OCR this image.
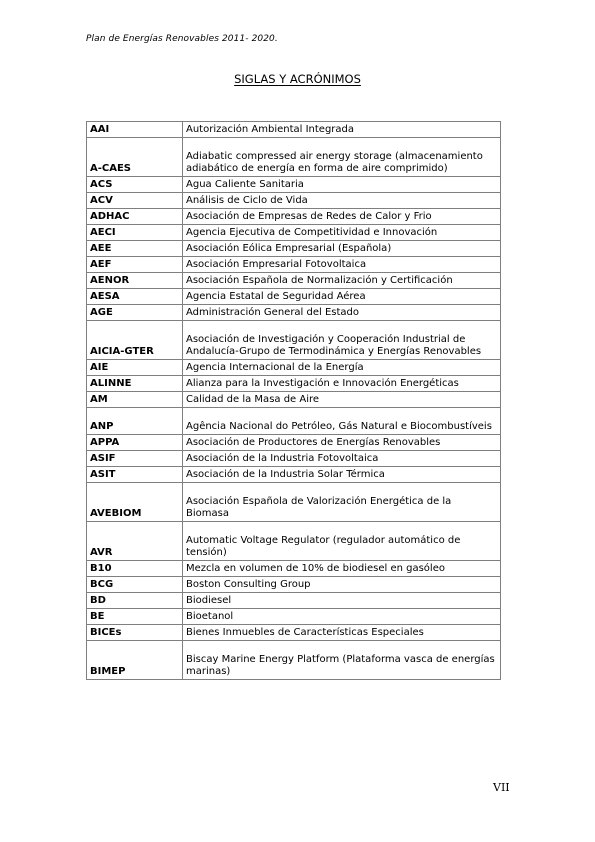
Plan de Energías Renovables 2011- 2020.
SIGLAS Y ACRÓNIMOS
AAI	Autorización Ambiental Integrada
A-CAES	Adiabatic compressed air energy storage (almacenamiento adiabático de energía en forma de aire comprimido)
ACS	Agua Caliente Sanitaria
ACV	Análisis de Ciclo de Vida
ADHAC	Asociación de Empresas de Redes de Calor y Frio
AECI	Agencia Ejecutiva de Competitividad e Innovación
AEE	Asociación Eólica Empresarial (Española)
AEF	Asociación Empresarial Fotovoltaica
AENOR	Asociación Española de Normalización y Certificación
AESA	Agencia Estatal de Seguridad Aérea
AGE	Administración General del Estado
AICIA-GTER	Asociación de Investigación y Cooperación Industrial de Andalucía-Grupo de Termodinámica y Energías Renovables
AIE	Agencia Internacional de la Energía
ALINNE	Alianza para la Investigación e Innovación Energéticas
AM	Calidad de la Masa de Aire
ANP	Agência Nacional do Petróleo, Gás Natural e Biocombustíveis
APPA	Asociación de Productores de Energías Renovables
ASIF	Asociación de la Industria Fotovoltaica
ASIT	Asociación de la Industria Solar Térmica
AVEBIOM	Asociación Española de Valorización Energética de la Biomasa
AVR	Automatic Voltage Regulator (regulador automático de tensión)
B10	Mezcla en volumen de 10% de biodiesel en gasóleo
BCG	Boston Consulting Group
BD	Biodiesel
BE	Bioetanol
BICEs	Bienes Inmuebles de Características Especiales
BIMEP	Biscay Marine Energy Platform (Plataforma vasca de energías marinas)
VII
